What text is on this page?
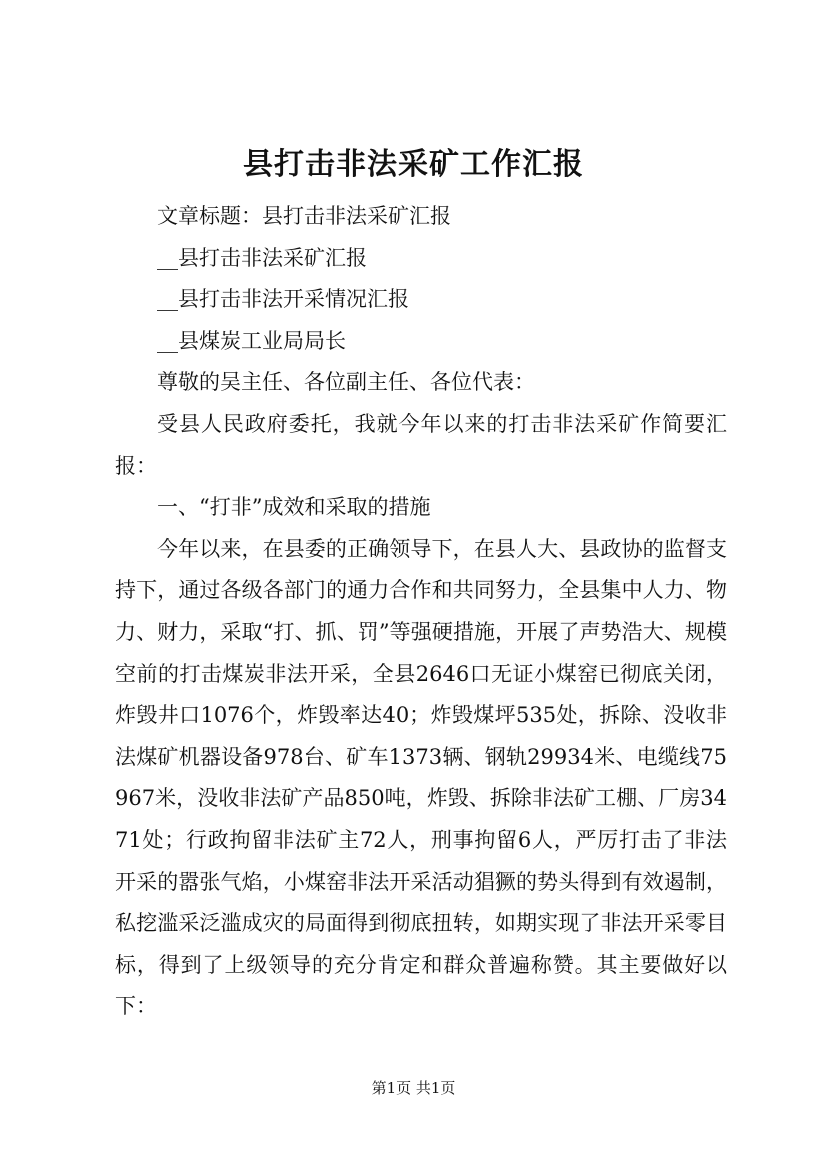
县打击非法采矿工作汇报

文章标题：县打击非法采矿汇报

__县打击非法采矿汇报

__县打击非法开采情况汇报

__县煤炭工业局局长

尊敬的吴主任、各位副主任、各位代表：

受县人民政府委托，我就今年以来的打击非法采矿作简要汇报：

一、“打非”成效和采取的措施

今年以来，在县委的正确领导下，在县人大、县政协的监督支持下，通过各级各部门的通力合作和共同努力，全县集中人力、物力、财力，采取“打、抓、罚”等强硬措施，开展了声势浩大、规模空前的打击煤炭非法开采，全县2646口无证小煤窑已彻底关闭，炸毁井口1076个，炸毁率达40；炸毁煤坪535处，拆除、没收非法煤矿机器设备978台、矿车1373辆、钢轨29934米、电缆线75967米，没收非法矿产品850吨，炸毁、拆除非法矿工棚、厂房3471处；行政拘留非法矿主72人，刑事拘留6人，严厉打击了非法开采的嚣张气焰，小煤窑非法开采活动猖獗的势头得到有效遏制，私挖滥采泛滥成灾的局面得到彻底扭转，如期实现了非法开采零目标，得到了上级领导的充分肯定和群众普遍称赞。其主要做好以下：

第1页 共1页
